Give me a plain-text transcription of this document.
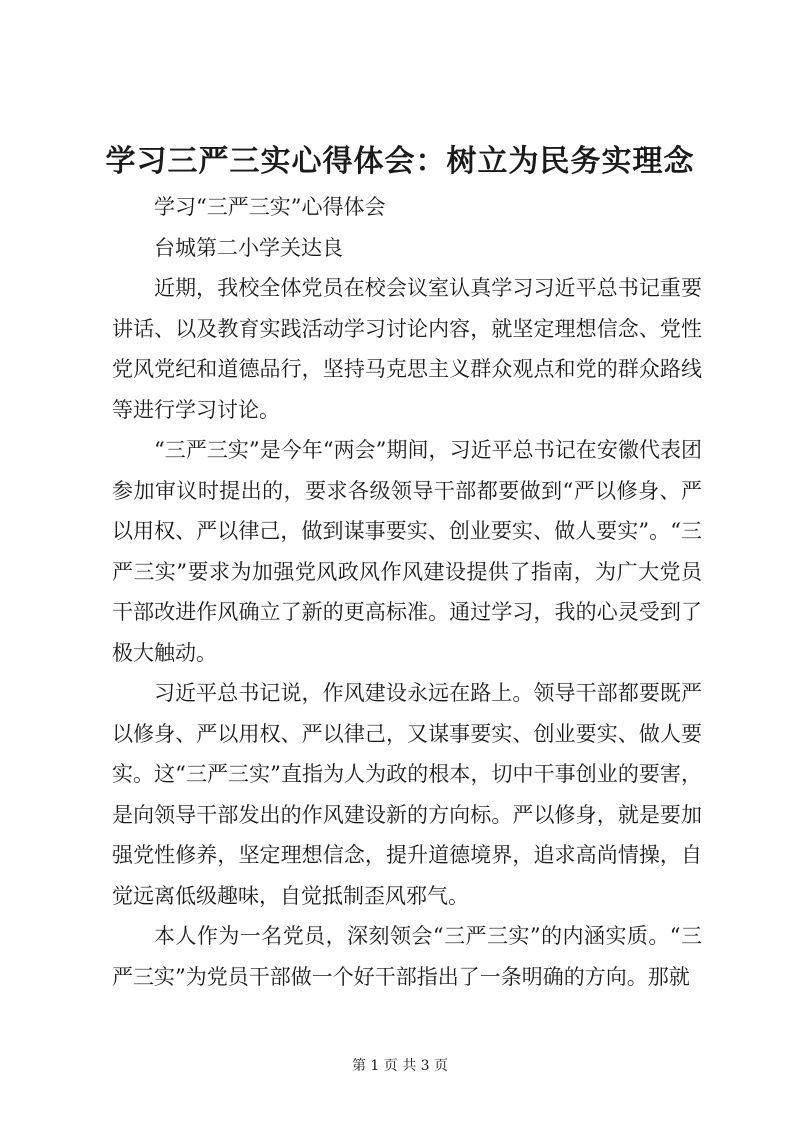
学习三严三实心得体会：树立为民务实理念

学习“三严三实”心得体会

台城第二小学关达良

近期，我校全体党员在校会议室认真学习习近平总书记重要讲话、以及教育实践活动学习讨论内容，就坚定理想信念、党性党风党纪和道德品行，坚持马克思主义群众观点和党的群众路线等进行学习讨论。

“三严三实”是今年“两会”期间，习近平总书记在安徽代表团参加审议时提出的，要求各级领导干部都要做到“严以修身、严以用权、严以律己，做到谋事要实、创业要实、做人要实”。“三严三实”要求为加强党风政风作风建设提供了指南，为广大党员干部改进作风确立了新的更高标准。通过学习，我的心灵受到了极大触动。

习近平总书记说，作风建设永远在路上。领导干部都要既严以修身、严以用权、严以律己，又谋事要实、创业要实、做人要实。这“三严三实”直指为人为政的根本，切中干事创业的要害，是向领导干部发出的作风建设新的方向标。严以修身，就是要加强党性修养，坚定理想信念，提升道德境界，追求高尚情操，自觉远离低级趣味，自觉抵制歪风邪气。

本人作为一名党员，深刻领会“三严三实”的内涵实质。“三严三实”为党员干部做一个好干部指出了一条明确的方向。那就

第 1 页 共 3 页
